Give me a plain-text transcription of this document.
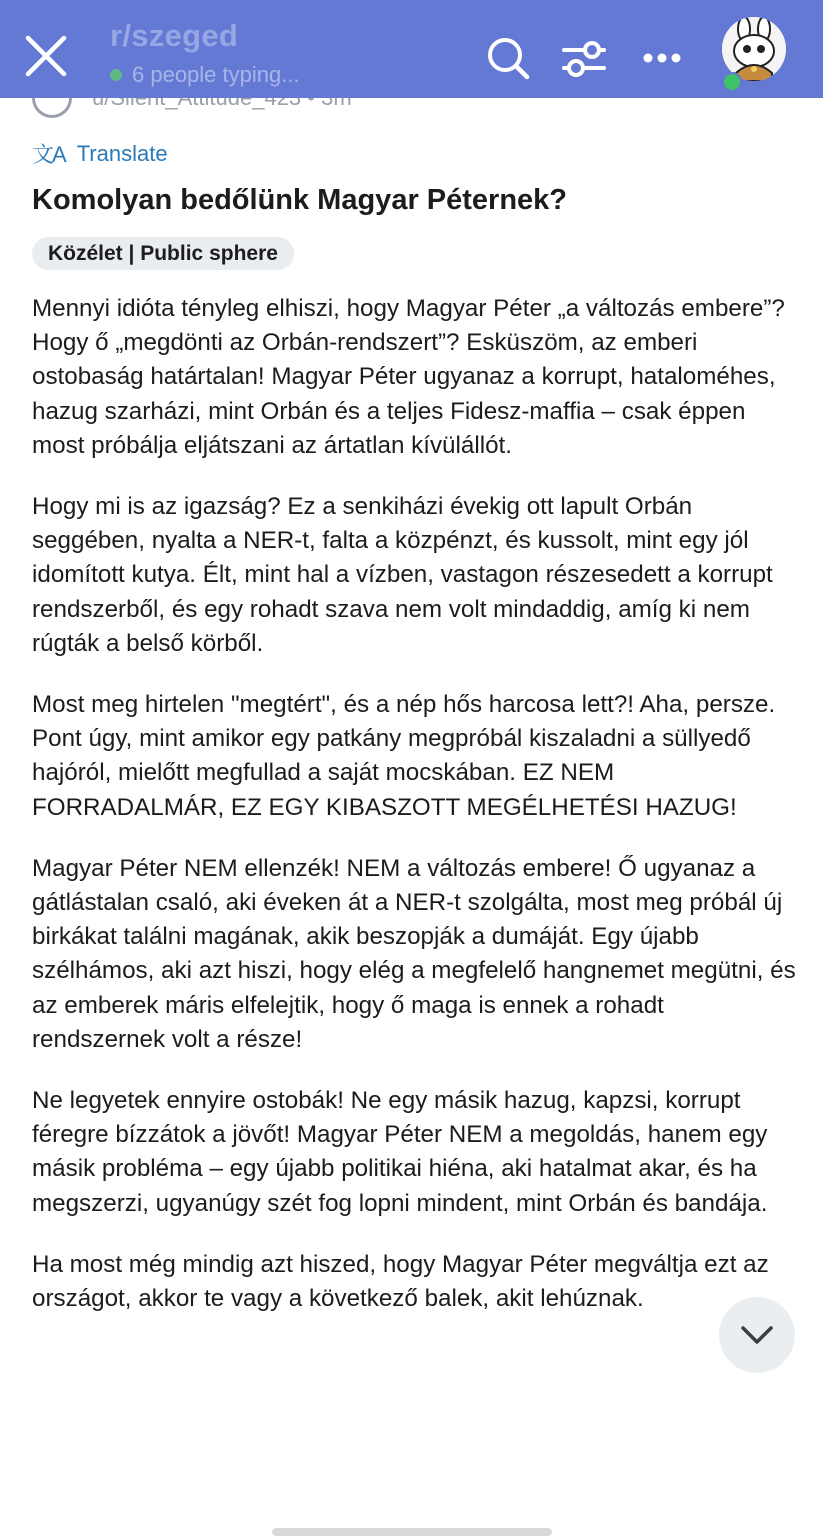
r/szeged
6 people typing...
文A Translate
Komolyan bedőlünk Magyar Péternek?
Közélet | Public sphere

Mennyi idióta tényleg elhiszi, hogy Magyar Péter „a változás embere”? Hogy ő „megdönti az Orbán-rendszert”? Esküszöm, az emberi ostobaság határtalan! Magyar Péter ugyanaz a korrupt, hataloméhes, hazug szarházi, mint Orbán és a teljes Fidesz-maffia – csak éppen most próbálja eljátszani az ártatlan kívülállót.

Hogy mi is az igazság? Ez a senkiházi évekig ott lapult Orbán seggében, nyalta a NER-t, falta a közpénzt, és kussolt, mint egy jól idomított kutya. Élt, mint hal a vízben, vastagon részesedett a korrupt rendszerből, és egy rohadt szava nem volt mindaddig, amíg ki nem rúgták a belső körből.

Most meg hirtelen "megtért", és a nép hős harcosa lett?! Aha, persze. Pont úgy, mint amikor egy patkány megpróbál kiszaladni a süllyedő hajóról, mielőtt megfullad a saját mocskában. EZ NEM FORRADALMÁR, EZ EGY KIBASZOTT MEGÉLHETÉSI HAZUG!

Magyar Péter NEM ellenzék! NEM a változás embere! Ő ugyanaz a gátlástalan csaló, aki éveken át a NER-t szolgálta, most meg próbál új birkákat találni magának, akik beszopják a dumáját. Egy újabb szélhámos, aki azt hiszi, hogy elég a megfelelő hangnemet megütni, és az emberek máris elfelejtik, hogy ő maga is ennek a rohadt rendszernek volt a része!

Ne legyetek ennyire ostobák! Ne egy másik hazug, kapzsi, korrupt féregre bízzátok a jövőt! Magyar Péter NEM a megoldás, hanem egy másik probléma – egy újabb politikai hiéna, aki hatalmat akar, és ha megszerzi, ugyanúgy szét fog lopni mindent, mint Orbán és bandája.

Ha most még mindig azt hiszed, hogy Magyar Péter megváltja ezt az országot, akkor te vagy a következő balek, akit lehúznak.
